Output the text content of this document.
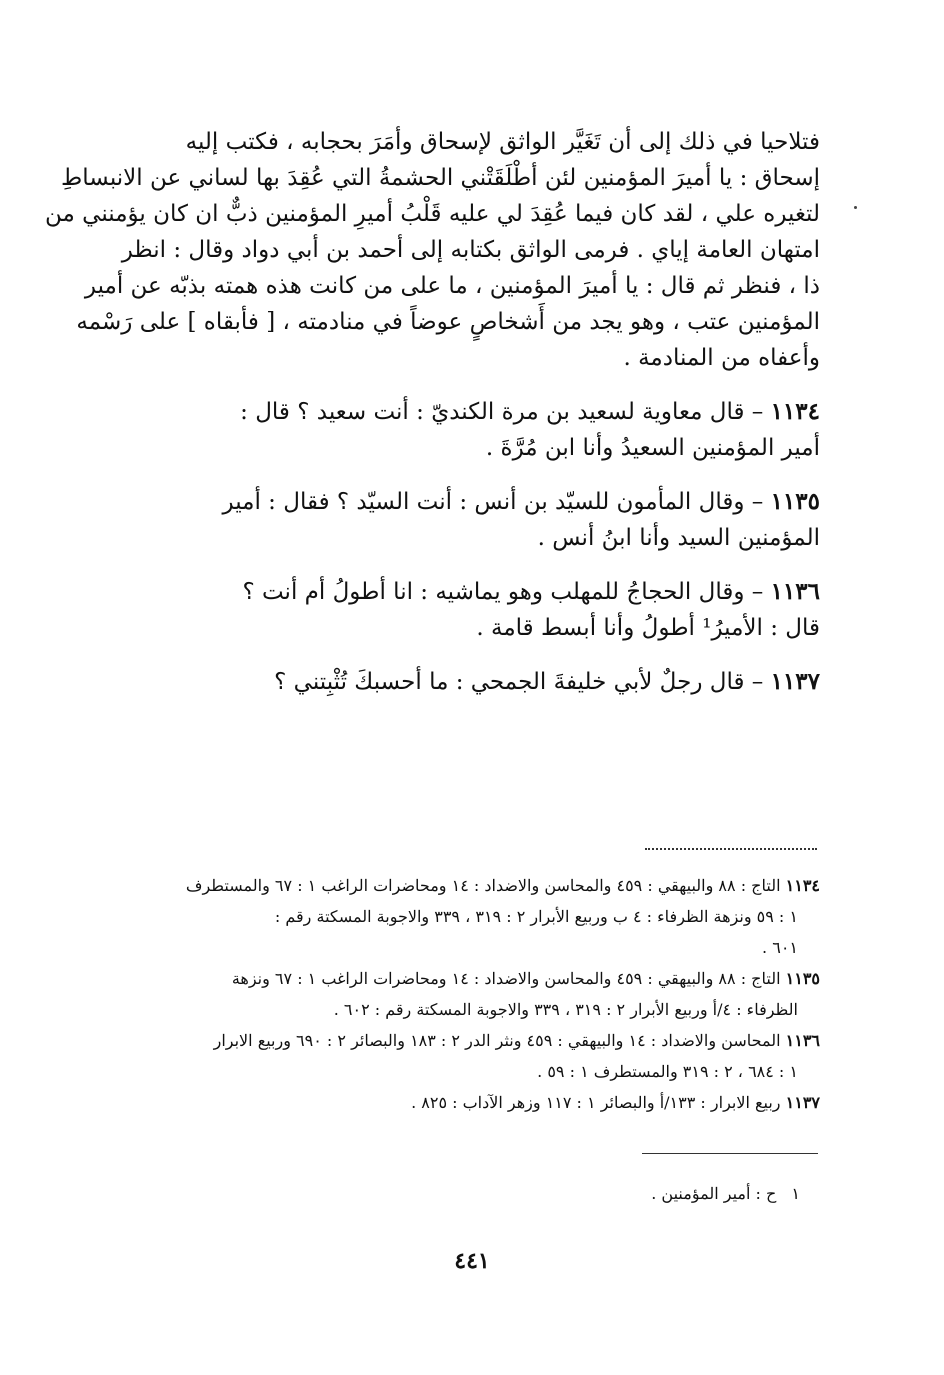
فتلاحيا في ذلك إلى أن تَغَيَّر الواثق لإسحاق وأمَرَ بحجابه ، فكتب إليه
إسحاق : يا أميرَ المؤمنين لئن أطْلَقَتْني الحشمةُ التي عُقِدَ بها لساني عن الانبساطِ
لتغيره علي ، لقد كان فيما عُقِدَ لي عليه قَلْبُ أميرِ المؤمنين ذبٌّ ان كان يؤمنني من
امتهان العامة إياي . فرمى الواثق بكتابه إلى أحمد بن أبي دواد وقال : انظر
ذا ، فنظر ثم قال : يا أميرَ المؤمنين ، ما على من كانت هذه همته بذبّه عن أمير
المؤمنين عتب ، وهو يجد من أَشخاصٍ عوضاً في منادمته ، [ فأبقاه ] على رَسْمه
وأعفاه من المنادمة .
١١٣٤ – قال معاوية لسعيد بن مرة الكنديّ : أنت سعيد ؟ قال :
أمير المؤمنين السعيدُ وأنا ابن مُرَّةَ .
١١٣٥ – وقال المأمون للسيّد بن أنس : أنت السيّد ؟ فقال : أمير
المؤمنين السيد وأنا ابنُ أنس .
١١٣٦ – وقال الحجاجُ للمهلب وهو يماشيه : انا أطولُ أم أنت ؟
قال : الأميرُ¹ أطولُ وأنا أبسط قامة .
١١٣٧ – قال رجلٌ لأبي خليفةَ الجمحي : ما أحسبكَ تُثْبِتني ؟
١١٣٤ التاج : ٨٨ والبيهقي : ٤٥٩ والمحاسن والاضداد : ١٤ ومحاضرات الراغب ١ : ٦٧ والمستطرف
١ : ٥٩ ونزهة الظرفاء : ٤ ب وربيع الأبرار ٢ : ٣١٩ ، ٣٣٩ والاجوبة المسكتة رقم :
٦٠١ .
١١٣٥ التاج : ٨٨ والبيهقي : ٤٥٩ والمحاسن والاضداد : ١٤ ومحاضرات الراغب ١ : ٦٧ ونزهة
الظرفاء : ٤/أ وربيع الأبرار ٢ : ٣١٩ ، ٣٣٩ والاجوبة المسكتة رقم : ٦٠٢ .
١١٣٦ المحاسن والاضداد : ١٤ والبيهقي : ٤٥٩ ونثر الدر ٢ : ١٨٣ والبصائر ٢ : ٦٩٠ وربيع الابرار
١ : ٦٨٤ ، ٢ : ٣١٩ والمستطرف ١ : ٥٩ .
١١٣٧ ربيع الابرار : ١٣٣/أ والبصائر ١ : ١١٧ وزهر الآداب : ٨٢٥ .
١ ح : أمير المؤمنين .
٤٤١
